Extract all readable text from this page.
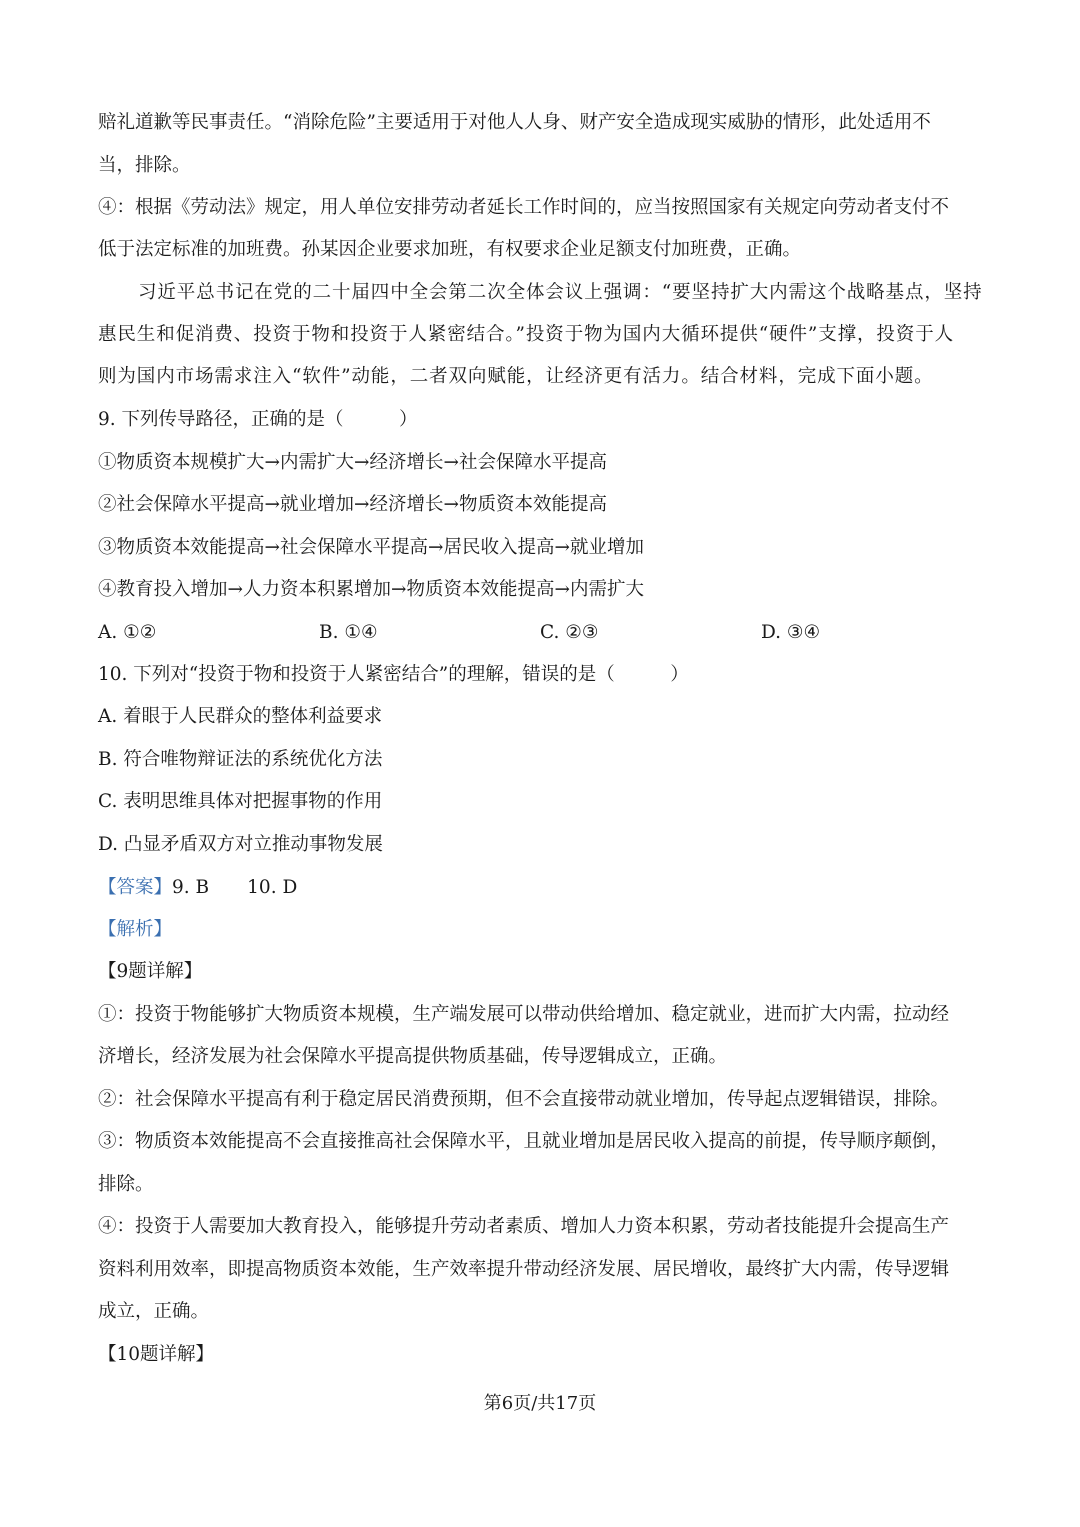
赔礼道歉等民事责任。“消除危险”主要适用于对他人人身、财产安全造成现实威胁的情形，此处适用不
当，排除。
④：根据《劳动法》规定，用人单位安排劳动者延长工作时间的，应当按照国家有关规定向劳动者支付不
低于法定标准的加班费。孙某因企业要求加班，有权要求企业足额支付加班费，正确。
习近平总书记在党的二十届四中全会第二次全体会议上强调：“要坚持扩大内需这个战略基点，坚持
惠民生和促消费、投资于物和投资于人紧密结合。”投资于物为国内大循环提供“硬件”支撑，投资于人
则为国内市场需求注入“软件”动能，二者双向赋能，让经济更有活力。结合材料，完成下面小题。
9. 下列传导路径，正确的是（　　　）
①物质资本规模扩大→内需扩大→经济增长→社会保障水平提高
②社会保障水平提高→就业增加→经济增长→物质资本效能提高
③物质资本效能提高→社会保障水平提高→居民收入提高→就业增加
④教育投入增加→人力资本积累增加→物质资本效能提高→内需扩大
A. ①②	B. ①④	C. ②③	D. ③④
10. 下列对“投资于物和投资于人紧密结合”的理解，错误的是（　　　）
A. 着眼于人民群众的整体利益要求
B. 符合唯物辩证法的系统优化方法
C. 表明思维具体对把握事物的作用
D. 凸显矛盾双方对立推动事物发展
【答案】9. B 10. D
【解析】
【9题详解】
①：投资于物能够扩大物质资本规模，生产端发展可以带动供给增加、稳定就业，进而扩大内需，拉动经
济增长，经济发展为社会保障水平提高提供物质基础，传导逻辑成立，正确。
②：社会保障水平提高有利于稳定居民消费预期，但不会直接带动就业增加，传导起点逻辑错误，排除。
③：物质资本效能提高不会直接推高社会保障水平，且就业增加是居民收入提高的前提，传导顺序颠倒，
排除。
④：投资于人需要加大教育投入，能够提升劳动者素质、增加人力资本积累，劳动者技能提升会提高生产
资料利用效率，即提高物质资本效能，生产效率提升带动经济发展、居民增收，最终扩大内需，传导逻辑
成立，正确。
【10题详解】
第6页/共17页
